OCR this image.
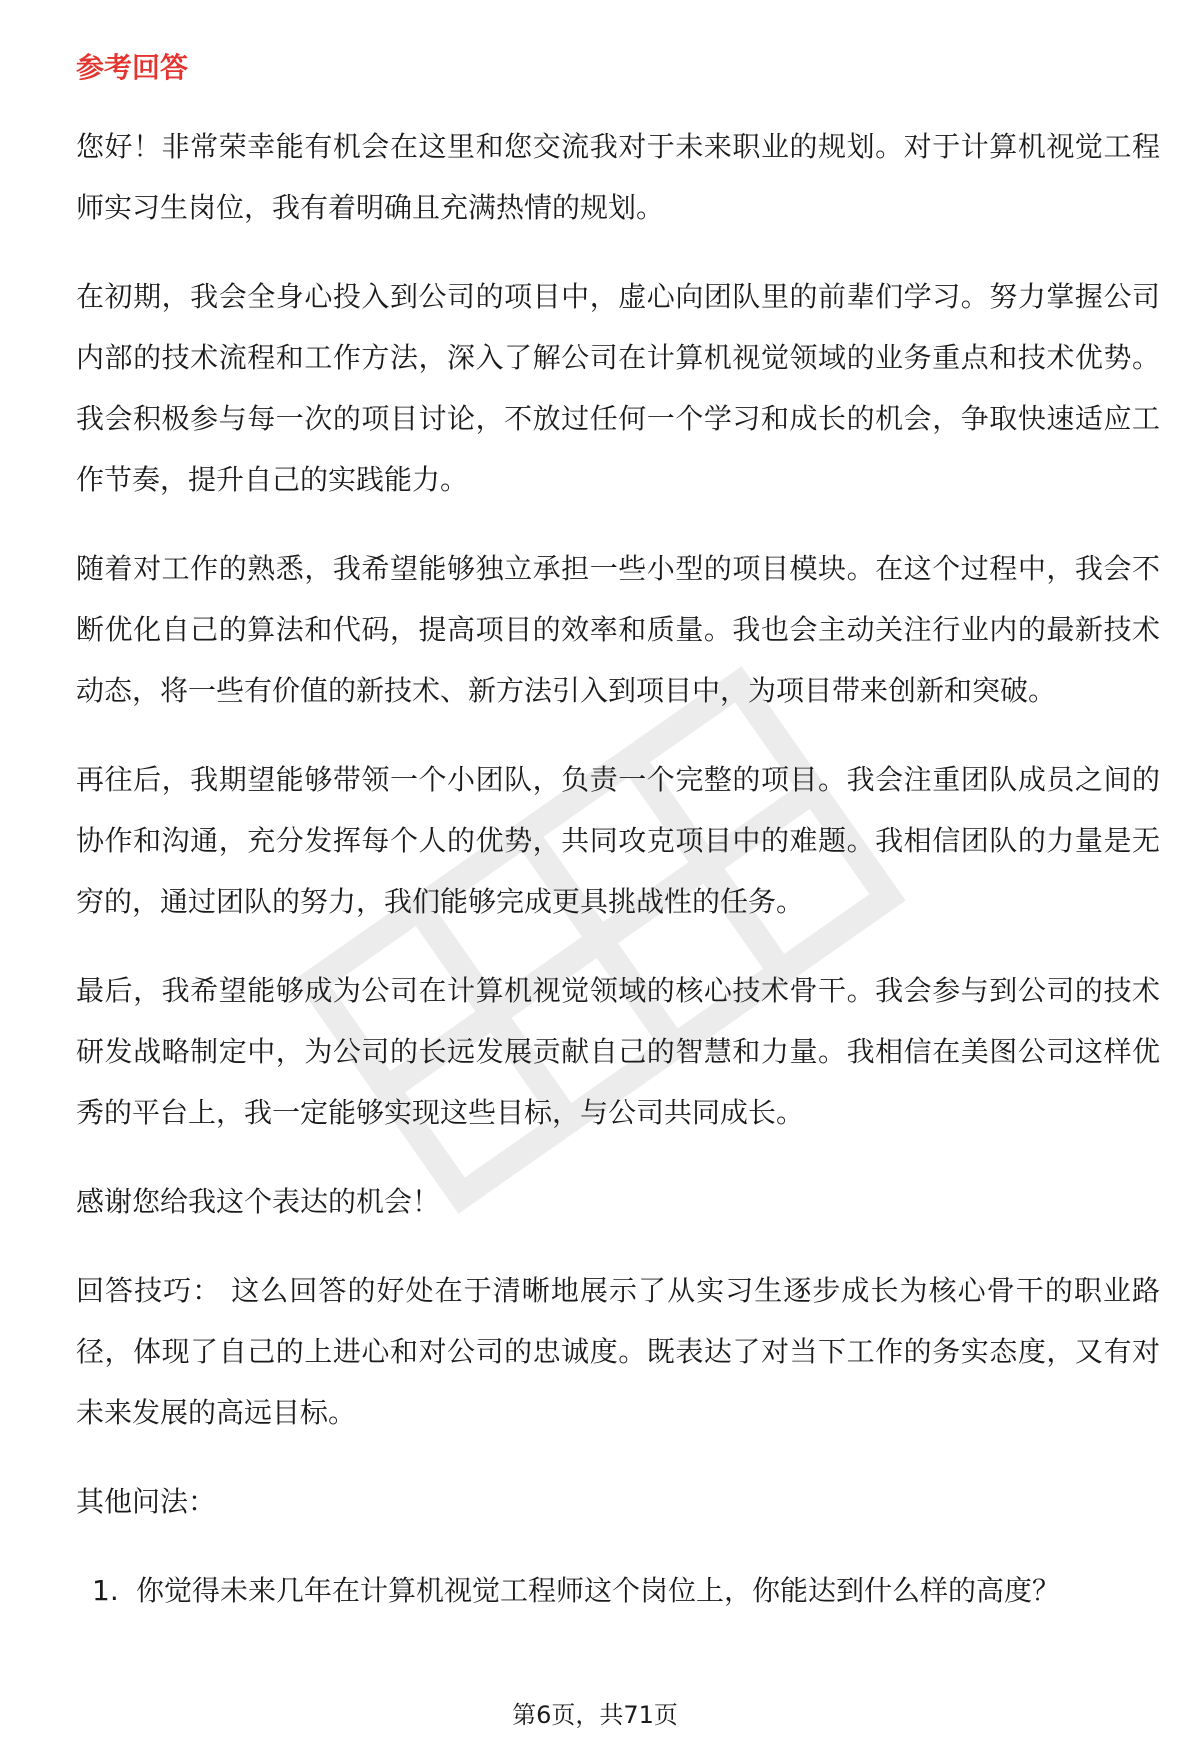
参考回答

您好！非常荣幸能有机会在这里和您交流我对于未来职业的规划。对于计算机视觉工程师实习生岗位，我有着明确且充满热情的规划。

在初期，我会全身心投入到公司的项目中，虚心向团队里的前辈们学习。努力掌握公司内部的技术流程和工作方法，深入了解公司在计算机视觉领域的业务重点和技术优势。我会积极参与每一次的项目讨论，不放过任何一个学习和成长的机会，争取快速适应工作节奏，提升自己的实践能力。

随着对工作的熟悉，我希望能够独立承担一些小型的项目模块。在这个过程中，我会不断优化自己的算法和代码，提高项目的效率和质量。我也会主动关注行业内的最新技术动态，将一些有价值的新技术、新方法引入到项目中，为项目带来创新和突破。

再往后，我期望能够带领一个小团队，负责一个完整的项目。我会注重团队成员之间的协作和沟通，充分发挥每个人的优势，共同攻克项目中的难题。我相信团队的力量是无穷的，通过团队的努力，我们能够完成更具挑战性的任务。

最后，我希望能够成为公司在计算机视觉领域的核心技术骨干。我会参与到公司的技术研发战略制定中，为公司的长远发展贡献自己的智慧和力量。我相信在美图公司这样优秀的平台上，我一定能够实现这些目标，与公司共同成长。

感谢您给我这个表达的机会！

回答技巧： 这么回答的好处在于清晰地展示了从实习生逐步成长为核心骨干的职业路径，体现了自己的上进心和对公司的忠诚度。既表达了对当下工作的务实态度，又有对未来发展的高远目标。

其他问法：

1. 你觉得未来几年在计算机视觉工程师这个岗位上，你能达到什么样的高度？
第6页，共71页
